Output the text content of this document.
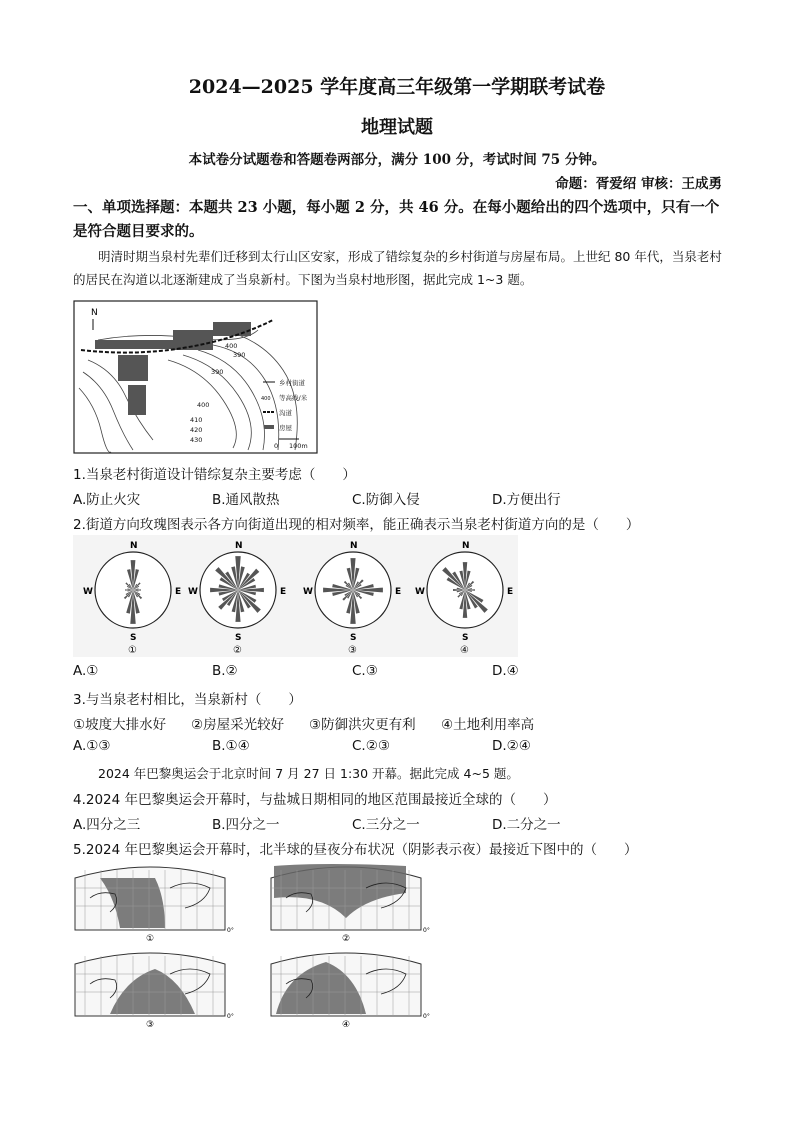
2024—2025 学年度高三年级第一学期联考试卷
地理试题
本试卷分试题卷和答题卷两部分，满分 100 分，考试时间 75 分钟。
命题：胥爱绍 审核：王成勇
一、单项选择题：本题共 23 小题，每小题 2 分，共 46 分。在每小题给出的四个选项中，只有一个是符合题目要求的。
明清时期当泉村先辈们迁移到太行山区安家，形成了错综复杂的乡村街道与房屋布局。上世纪 80 年代，当泉老村的居民在沟道以北逐渐建成了当泉新村。下图为当泉村地形图，据此完成 1~3 题。
N
400
390
390
400
410
420
430
乡村街道
400 等高线/米
沟道
房屋
0 100m
1.当泉老村街道设计错综复杂主要考虑（　　）
A.防止火灾	B.通风散热	C.防御入侵	D.方便出行
2.街道方向玫瑰图表示各方向街道出现的相对频率，能正确表示当泉老村街道方向的是（　　）
N
S
W	E
①
N
S
W	E
②
N
S
W	E
③
N
S
W	E
④
A.①	B.②	C.③	D.④
3.与当泉老村相比，当泉新村（　　）
①坡度大排水好 ②房屋采光较好 ③防御洪灾更有利 ④土地利用率高
A.①③	B.①④	C.②③	D.②④
2024 年巴黎奥运会于北京时间 7 月 27 日 1:30 开幕。据此完成 4~5 题。
4.2024 年巴黎奥运会开幕时，与盐城日期相同的地区范围最接近全球的（　　）
A.四分之三	B.四分之一	C.三分之一	D.二分之一
5.2024 年巴黎奥运会开幕时，北半球的昼夜分布状况（阴影表示夜）最接近下图中的（　　）
0°
①
0°
②
0°
③
0°
④
